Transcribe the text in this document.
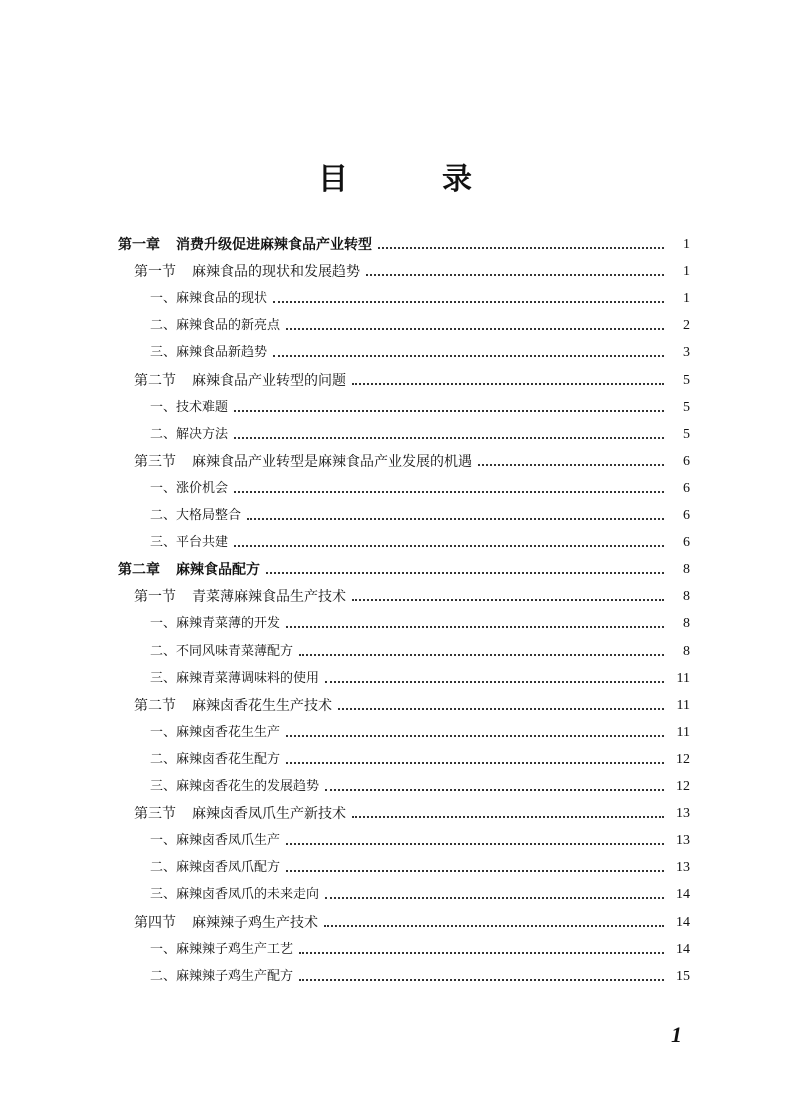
目　录
第一章 消费升级促进麻辣食品产业转型	1
第一节 麻辣食品的现状和发展趋势	1
一、麻辣食品的现状	1
二、麻辣食品的新亮点	2
三、麻辣食品新趋势	3
第二节 麻辣食品产业转型的问题	5
一、技术难题	5
二、解决方法	5
第三节 麻辣食品产业转型是麻辣食品产业发展的机遇	6
一、涨价机会	6
二、大格局整合	6
三、平台共建	6
第二章 麻辣食品配方	8
第一节 青菜薄麻辣食品生产技术	8
一、麻辣青菜薄的开发	8
二、不同风味青菜薄配方	8
三、麻辣青菜薄调味料的使用	11
第二节 麻辣卤香花生生产技术	11
一、麻辣卤香花生生产	11
二、麻辣卤香花生配方	12
三、麻辣卤香花生的发展趋势	12
第三节 麻辣卤香凤爪生产新技术	13
一、麻辣卤香凤爪生产	13
二、麻辣卤香凤爪配方	13
三、麻辣卤香凤爪的未来走向	14
第四节 麻辣辣子鸡生产技术	14
一、麻辣辣子鸡生产工艺	14
二、麻辣辣子鸡生产配方	15
1
